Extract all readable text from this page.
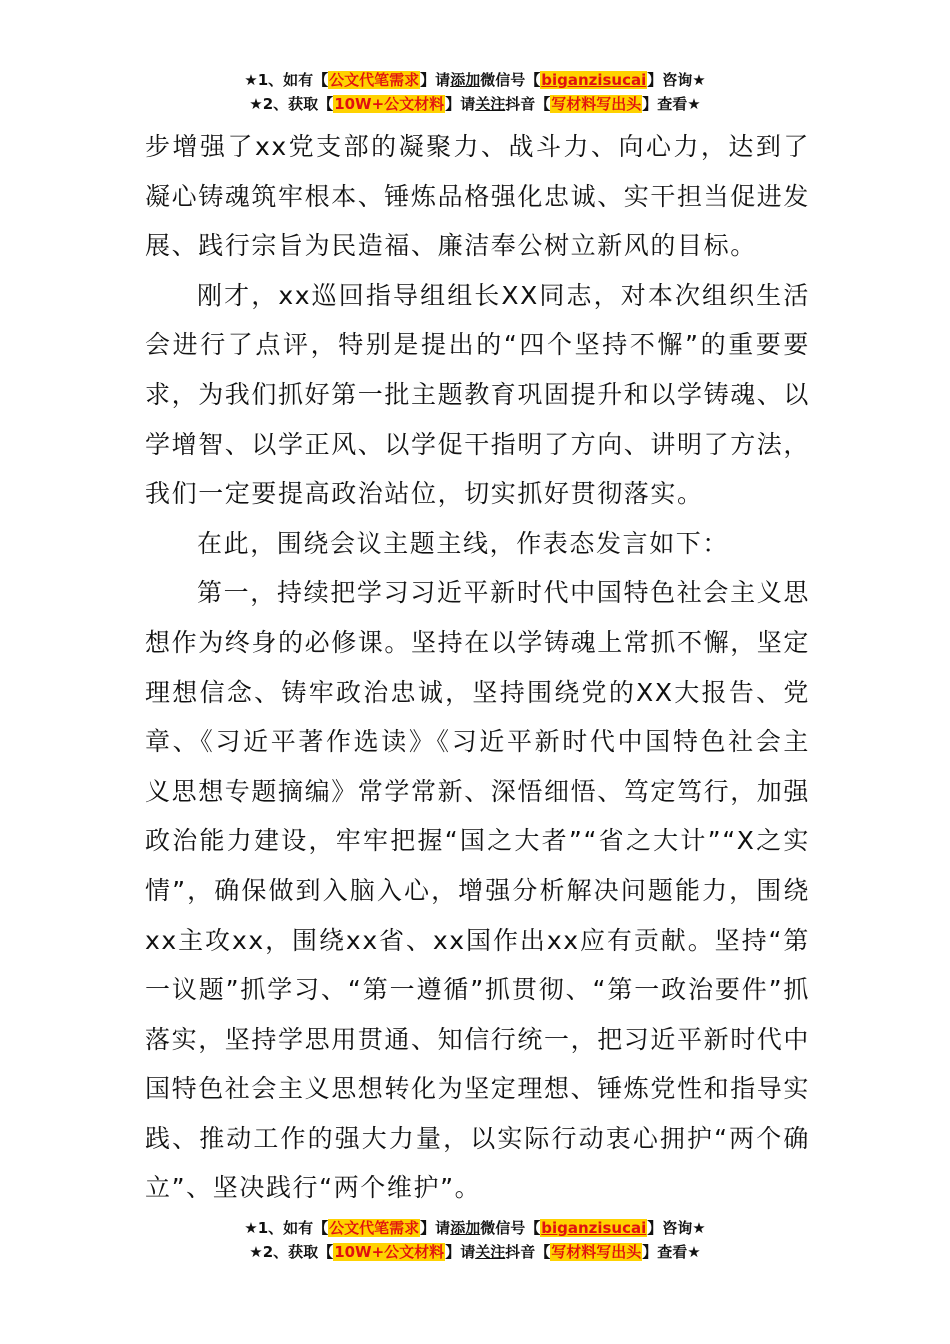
★1、如有【公文代笔需求】请添加微信号【biganzisucai】咨询★
★2、获取【10W+公文材料】请关注抖音【写材料写出头】查看★

步增强了xx党支部的凝聚力、战斗力、向心力，达到了凝心铸魂筑牢根本、锤炼品格强化忠诚、实干担当促进发展、践行宗旨为民造福、廉洁奉公树立新风的目标。

刚才，xx巡回指导组组长XX同志，对本次组织生活会进行了点评，特别是提出的“四个坚持不懈”的重要要求，为我们抓好第一批主题教育巩固提升和以学铸魂、以学增智、以学正风、以学促干指明了方向、讲明了方法，我们一定要提高政治站位，切实抓好贯彻落实。

在此，围绕会议主题主线，作表态发言如下：

第一，持续把学习习近平新时代中国特色社会主义思想作为终身的必修课。坚持在以学铸魂上常抓不懈，坚定理想信念、铸牢政治忠诚，坚持围绕党的XX大报告、党章、《习近平著作选读》《习近平新时代中国特色社会主义思想专题摘编》常学常新、深悟细悟、笃定笃行，加强政治能力建设，牢牢把握“国之大者”“省之大计”“X之实情”，确保做到入脑入心，增强分析解决问题能力，围绕xx主攻xx，围绕xx省、xx国作出xx应有贡献。坚持“第一议题”抓学习、“第一遵循”抓贯彻、“第一政治要件”抓落实，坚持学思用贯通、知信行统一，把习近平新时代中国特色社会主义思想转化为坚定理想、锤炼党性和指导实践、推动工作的强大力量，以实际行动衷心拥护“两个确立”、坚决践行“两个维护”。

★1、如有【公文代笔需求】请添加微信号【biganzisucai】咨询★
★2、获取【10W+公文材料】请关注抖音【写材料写出头】查看★
